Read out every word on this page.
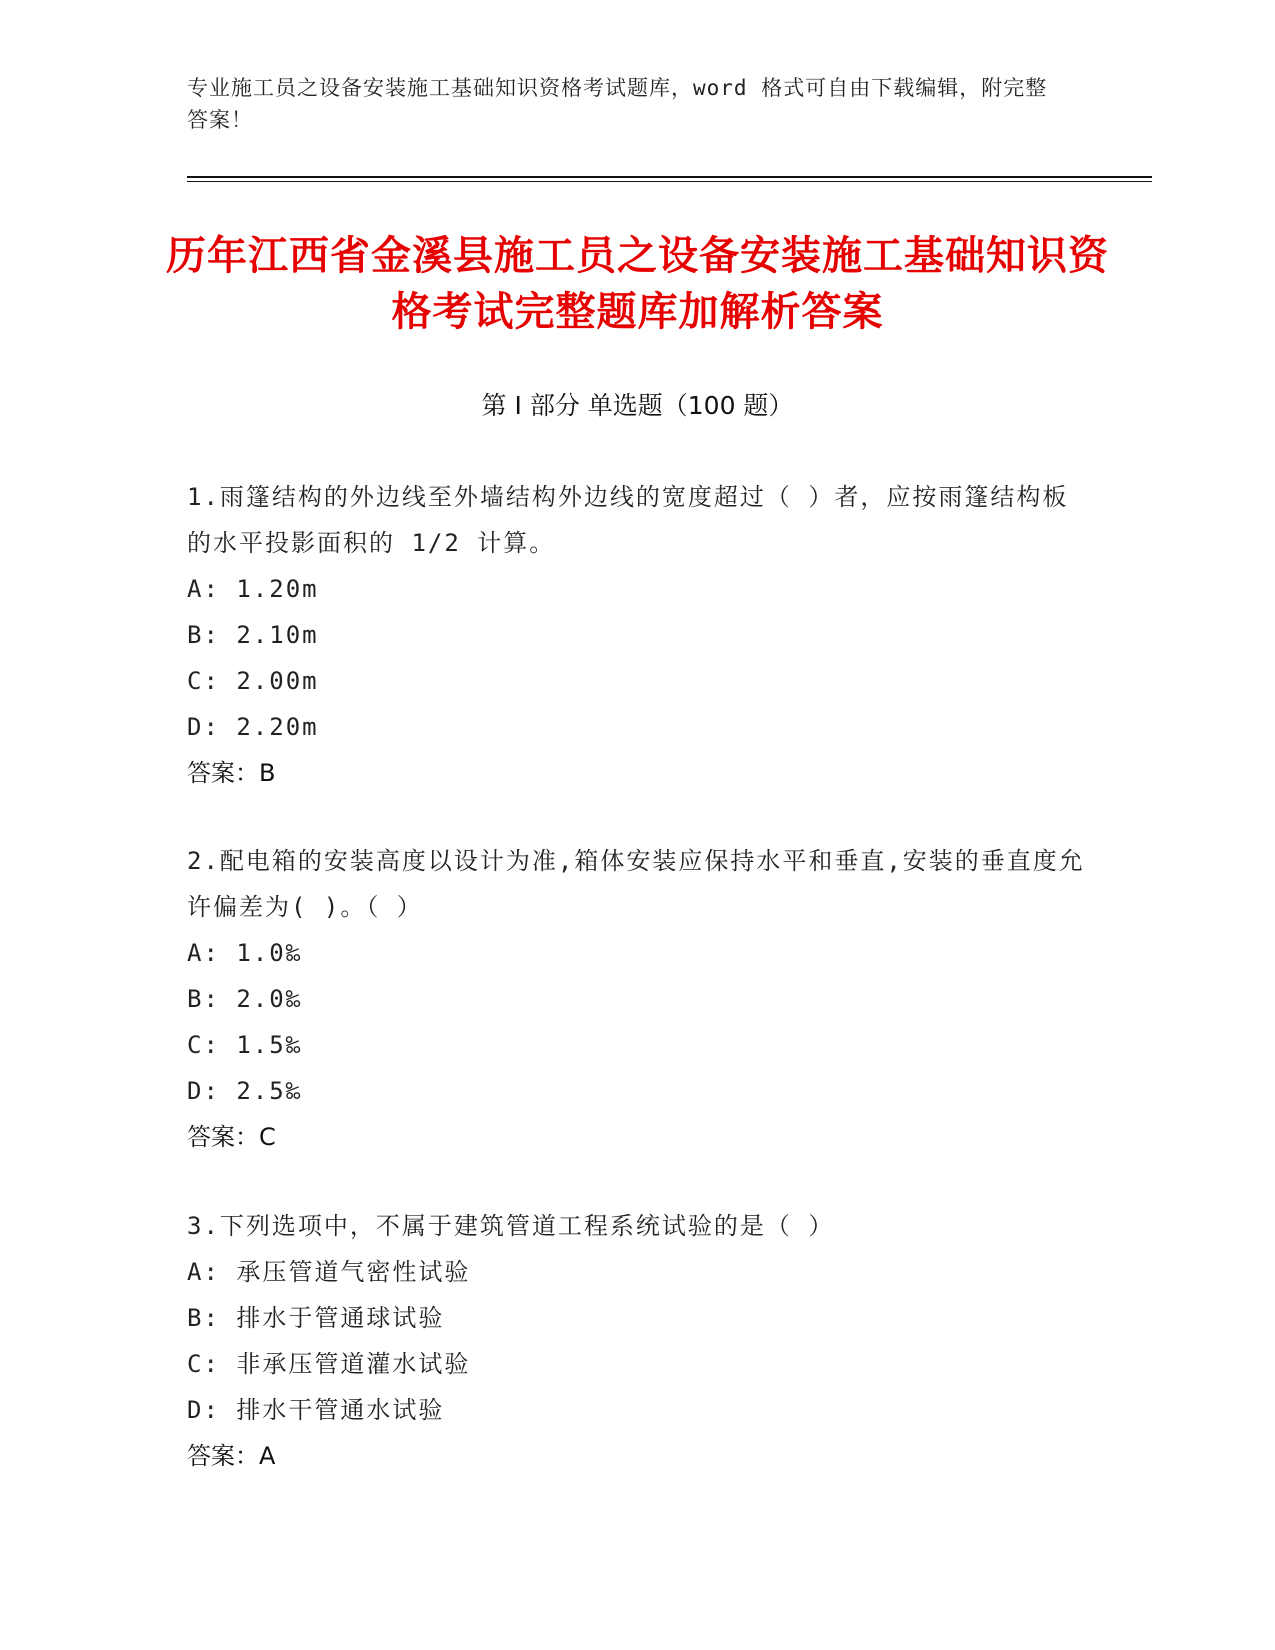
专业施工员之设备安装施工基础知识资格考试题库，word 格式可自由下载编辑，附完整答案！
历年江西省金溪县施工员之设备安装施工基础知识资格考试完整题库加解析答案
第 I 部分 单选题（100 题）
1.雨篷结构的外边线至外墙结构外边线的宽度超过（ ）者，应按雨篷结构板的水平投影面积的 1/2 计算。
A: 1.20m
B: 2.10m
C: 2.00m
D: 2.20m
答案：B
2.配电箱的安装高度以设计为准,箱体安装应保持水平和垂直,安装的垂直度允许偏差为( )。（ ）
A: 1.0‰
B: 2.0‰
C: 1.5‰
D: 2.5‰
答案：C
3.下列选项中，不属于建筑管道工程系统试验的是（ ）
A: 承压管道气密性试验
B: 排水于管通球试验
C: 非承压管道灌水试验
D: 排水干管通水试验
答案：A
